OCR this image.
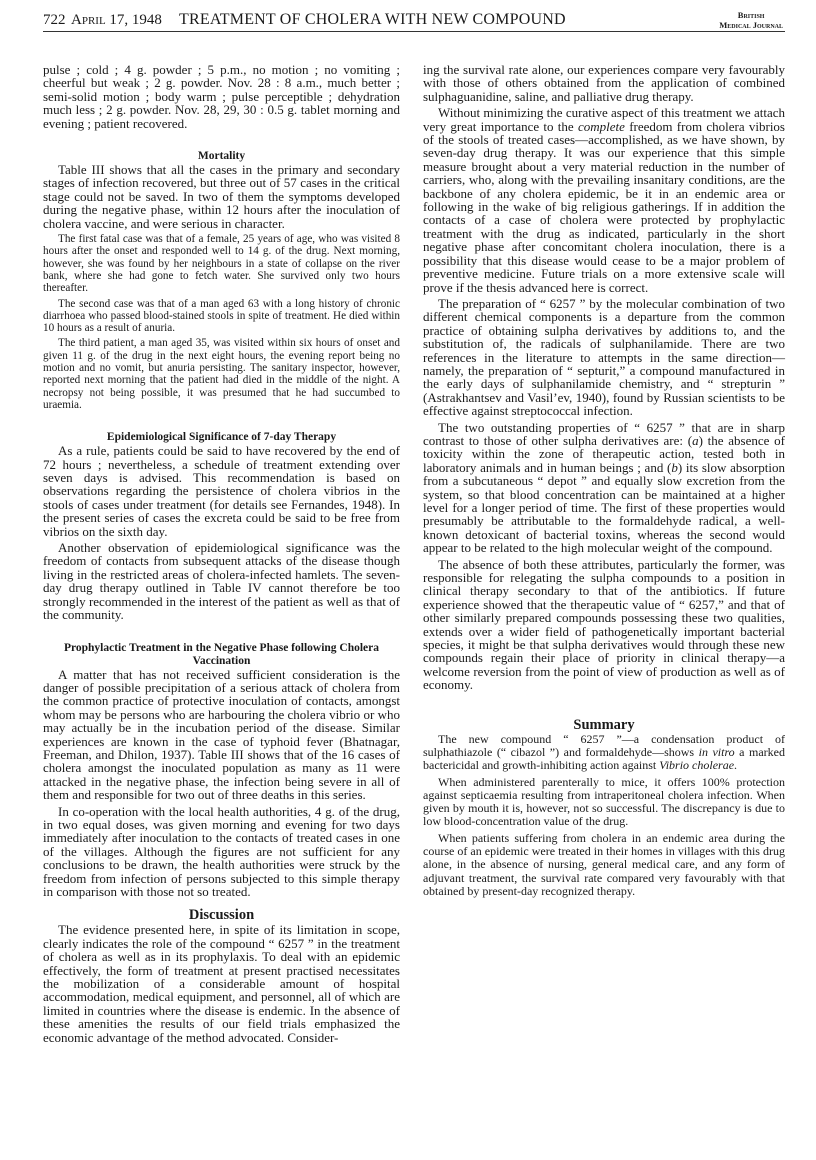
722 April 17, 1948 TREATMENT OF CHOLERA WITH NEW COMPOUND	British
Medical Journal

pulse ; cold ; 4 g. powder ; 5 p.m., no motion ; no vomiting ; cheerful but weak ; 2 g. powder. Nov. 28 : 8 a.m., much better ; semi-solid motion ; body warm ; pulse perceptible ; dehydration much less ; 2 g. powder. Nov. 28, 29, 30 : 0.5 g. tablet morning and evening ; patient recovered.

Mortality

Table III shows that all the cases in the primary and secondary stages of infection recovered, but three out of 57 cases in the critical stage could not be saved. In two of them the symptoms developed during the negative phase, within 12 hours after the inoculation of cholera vaccine, and were serious in character.

The first fatal case was that of a female, 25 years of age, who was visited 8 hours after the onset and responded well to 14 g. of the drug. Next morning, however, she was found by her neighbours in a state of collapse on the river bank, where she had gone to fetch water. She survived only two hours thereafter.

The second case was that of a man aged 63 with a long history of chronic diarrhoea who passed blood-stained stools in spite of treatment. He died within 10 hours as a result of anuria.

The third patient, a man aged 35, was visited within six hours of onset and given 11 g. of the drug in the next eight hours, the evening report being no motion and no vomit, but anuria persisting. The sanitary inspector, however, reported next morning that the patient had died in the middle of the night. A necropsy not being possible, it was presumed that he had succumbed to uraemia.

Epidemiological Significance of 7-day Therapy

As a rule, patients could be said to have recovered by the end of 72 hours ; nevertheless, a schedule of treatment extending over seven days is advised. This recommendation is based on observations regarding the persistence of cholera vibrios in the stools of cases under treatment (for details see Fernandes, 1948). In the present series of cases the excreta could be said to be free from vibrios on the sixth day.

Another observation of epidemiological significance was the freedom of contacts from subsequent attacks of the disease though living in the restricted areas of cholera-infected hamlets. The seven-day drug therapy outlined in Table IV cannot therefore be too strongly recommended in the interest of the patient as well as that of the community.

Prophylactic Treatment in the Negative Phase following Cholera Vaccination

A matter that has not received sufficient consideration is the danger of possible precipitation of a serious attack of cholera from the common practice of protective inoculation of contacts, amongst whom may be persons who are harbouring the cholera vibrio or who may actually be in the incubation period of the disease. Similar experiences are known in the case of typhoid fever (Bhatnagar, Freeman, and Dhilon, 1937). Table III shows that of the 16 cases of cholera amongst the inoculated population as many as 11 were attacked in the negative phase, the infection being severe in all of them and responsible for two out of three deaths in this series.

In co-operation with the local health authorities, 4 g. of the drug, in two equal doses, was given morning and evening for two days immediately after inoculation to the contacts of treated cases in one of the villages. Although the figures are not sufficient for any conclusions to be drawn, the health authorities were struck by the freedom from infection of persons subjected to this simple therapy in comparison with those not so treated.

Discussion

The evidence presented here, in spite of its limitation in scope, clearly indicates the role of the compound “ 6257 ” in the treatment of cholera as well as in its prophylaxis. To deal with an epidemic effectively, the form of treatment at present practised necessitates the mobilization of a considerable amount of hospital accommodation, medical equipment, and personnel, all of which are limited in countries where the disease is endemic. In the absence of these amenities the results of our field trials emphasized the economic advantage of the method advocated. Consider-

ing the survival rate alone, our experiences compare very favourably with those of others obtained from the application of combined sulphaguanidine, saline, and palliative drug therapy.

Without minimizing the curative aspect of this treatment we attach very great importance to the complete freedom from cholera vibrios of the stools of treated cases—accomplished, as we have shown, by seven-day drug therapy. It was our experience that this simple measure brought about a very material reduction in the number of carriers, who, along with the prevailing insanitary conditions, are the backbone of any cholera epidemic, be it in an endemic area or following in the wake of big religious gatherings. If in addition the contacts of a case of cholera were protected by prophylactic treatment with the drug as indicated, particularly in the short negative phase after concomitant cholera inoculation, there is a possibility that this disease would cease to be a major problem of preventive medicine. Future trials on a more extensive scale will prove if the thesis advanced here is correct.

The preparation of “ 6257 ” by the molecular combination of two different chemical components is a departure from the common practice of obtaining sulpha derivatives by additions to, and the substitution of, the radicals of sulphanilamide. There are two references in the literature to attempts in the same direction—namely, the preparation of “ septurit,” a compound manufactured in the early days of sulphanilamide chemistry, and “ strepturin ” (Astrakhantsev and Vasil’ev, 1940), found by Russian scientists to be effective against streptococcal infection.

The two outstanding properties of “ 6257 ” that are in sharp contrast to those of other sulpha derivatives are: (a) the absence of toxicity within the zone of therapeutic action, tested both in laboratory animals and in human beings ; and (b) its slow absorption from a subcutaneous “ depot ” and equally slow excretion from the system, so that blood concentration can be maintained at a higher level for a longer period of time. The first of these properties would presumably be attributable to the formaldehyde radical, a well-known detoxicant of bacterial toxins, whereas the second would appear to be related to the high molecular weight of the compound.

The absence of both these attributes, particularly the former, was responsible for relegating the sulpha compounds to a position in clinical therapy secondary to that of the antibiotics. If future experience showed that the therapeutic value of “ 6257,” and that of other similarly prepared compounds possessing these two qualities, extends over a wider field of pathogenetically important bacterial species, it might be that sulpha derivatives would through these new compounds regain their place of priority in clinical therapy—a welcome reversion from the point of view of production as well as of economy.

Summary

The new compound “ 6257 ”—a condensation product of sulphathiazole (“ cibazol ”) and formaldehyde—shows in vitro a marked bactericidal and growth-inhibiting action against Vibrio cholerae.

When administered parenterally to mice, it offers 100% protection against septicaemia resulting from intraperitoneal cholera infection. When given by mouth it is, however, not so successful. The discrepancy is due to low blood-concentration value of the drug.

When patients suffering from cholera in an endemic area during the course of an epidemic were treated in their homes in villages with this drug alone, in the absence of nursing, general medical care, and any form of adjuvant treatment, the survival rate compared very favourably with that obtained by present-day recognized therapy.
